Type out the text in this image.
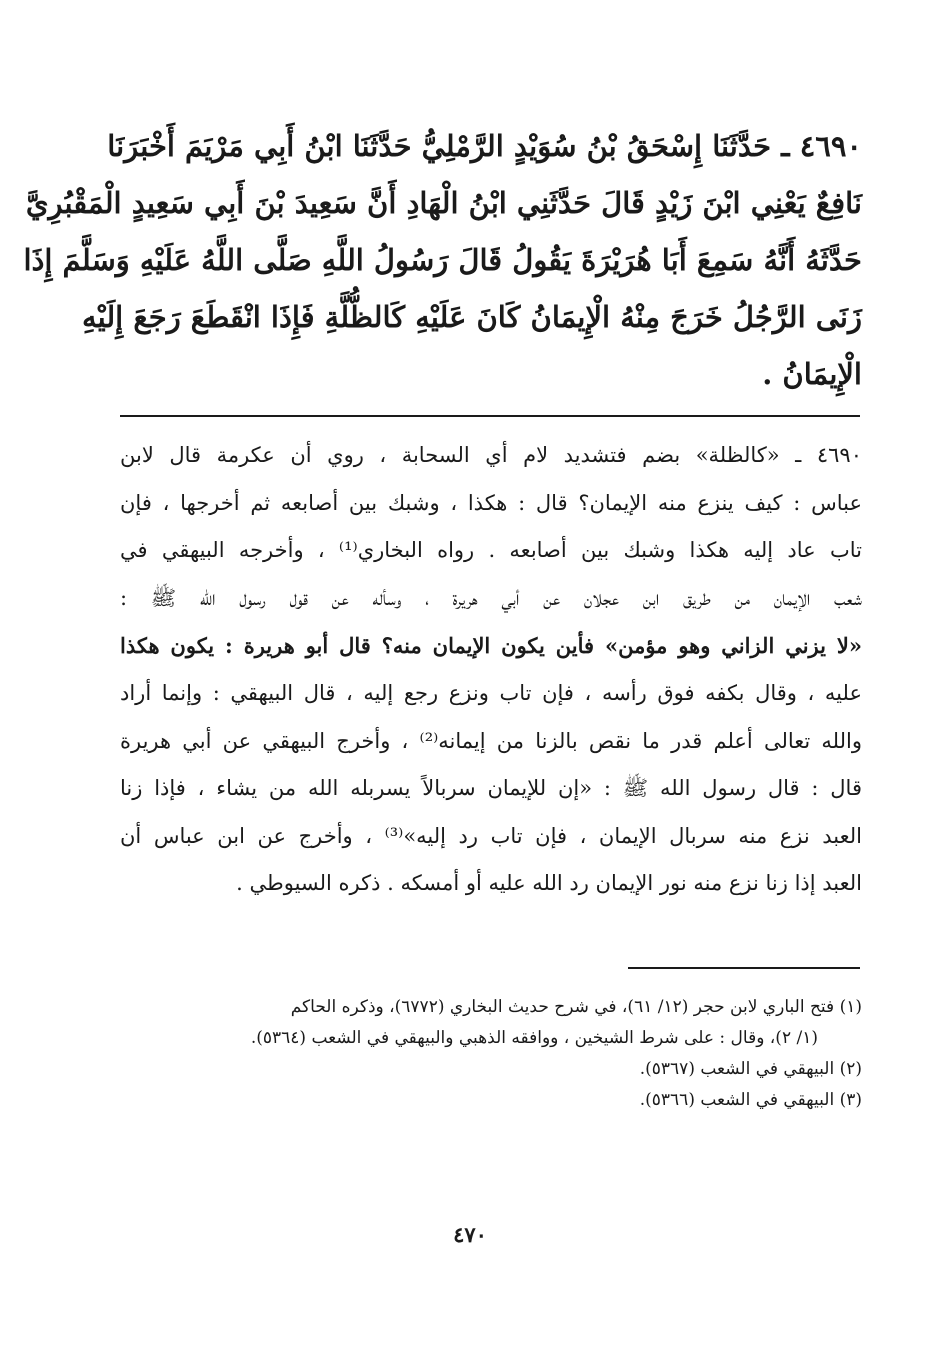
٤٦٩٠ ـ حَدَّثَنَا إِسْحَقُ بْنُ سُوَيْدٍ الرَّمْلِيُّ حَدَّثَنَا ابْنُ أَبِي مَرْيَمَ أَخْبَرَنَا
نَافِعٌ يَعْنِي ابْنَ زَيْدٍ قَالَ حَدَّثَنِي ابْنُ الْهَادِ أَنَّ سَعِيدَ بْنَ أَبِي سَعِيدٍ الْمَقْبُرِيَّ
حَدَّثَهُ أَنَّهُ سَمِعَ أَبَا هُرَيْرَةَ يَقُولُ قَالَ رَسُولُ اللَّهِ صَلَّى اللَّهُ عَلَيْهِ وَسَلَّمَ إِذَا
زَنَى الرَّجُلُ خَرَجَ مِنْهُ الْإِيمَانُ كَانَ عَلَيْهِ كَالظُّلَّةِ فَإِذَا انْقَطَعَ رَجَعَ إِلَيْهِ
الْإِيمَانُ .
٤٦٩٠ ـ «كالظلة» بضم فتشديد لام أي السحابة ، روي أن عكرمة قال لابن
عباس : كيف ينزع منه الإيمان؟ قال : هكذا ، وشبك بين أصابعه ثم أخرجها ، فإن
تاب عاد إليه هكذا وشبك بين أصابعه . رواه البخاري⁽¹⁾ ، وأخرجه البيهقي في
شعب الإيمان من طريق ابن عجلان عن أبي هريرة ، وسأله عن قول رسول الله ﷺ :
«لا يزني الزاني وهو مؤمن» فأين يكون الإيمان منه؟ قال أبو هريرة : يكون هكذا
عليه ، وقال بكفه فوق رأسه ، فإن تاب ونزع رجع إليه ، قال البيهقي : وإنما أراد
والله تعالى أعلم قدر ما نقص بالزنا من إيمانه⁽²⁾ ، وأخرج البيهقي عن أبي هريرة
قال : قال رسول الله ﷺ : «إن للإيمان سربالاً يسربله الله من يشاء ، فإذا زنا
العبد نزع منه سربال الإيمان ، فإن تاب رد إليه»⁽³⁾ ، وأخرج عن ابن عباس أن
العبد إذا زنا نزع منه نور الإيمان رد الله عليه أو أمسكه . ذكره السيوطي .
(١) فتح الباري لابن حجر (١٢/ ٦١)، في شرح حديث البخاري (٦٧٧٢)، وذكره الحاكم
(١/ ٢)، وقال : على شرط الشيخين ، ووافقه الذهبي والبيهقي في الشعب (٥٣٦٤).
(٢) البيهقي في الشعب (٥٣٦٧).
(٣) البيهقي في الشعب (٥٣٦٦).
٤٧٠
